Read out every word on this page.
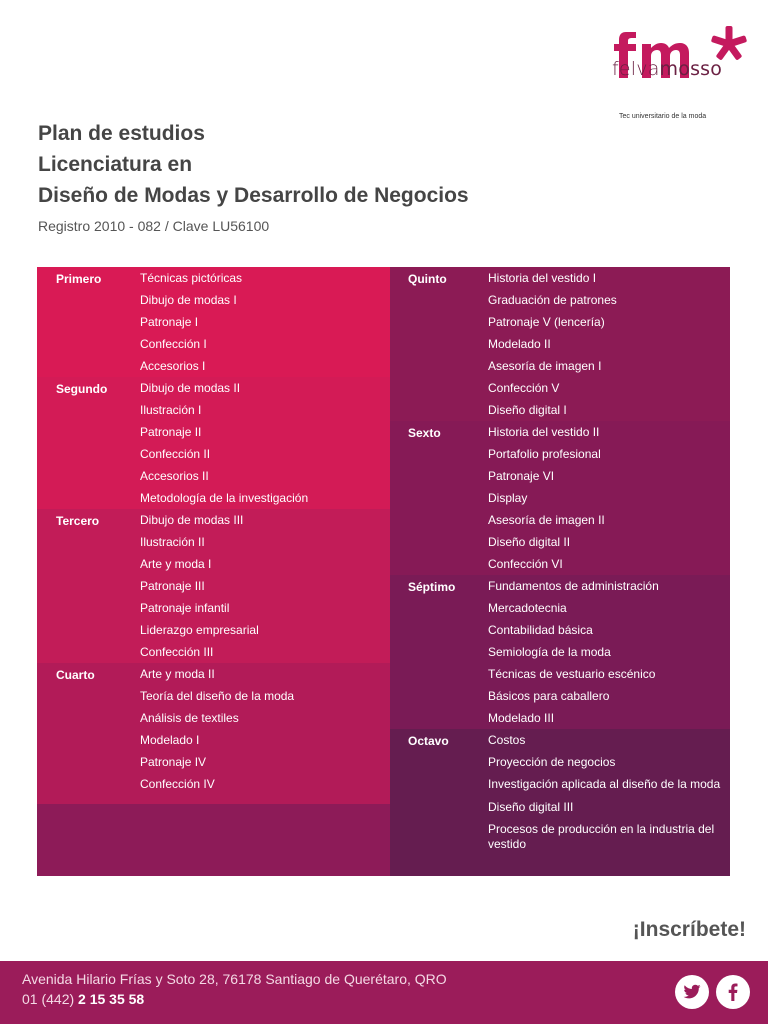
felvamosso
Tec universitario de la moda
Plan de estudios
Licenciatura en
Diseño de Modas y Desarrollo de Negocios
Registro 2010 - 082 / Clave LU56100
Primero	Técnicas pictóricas
Dibujo de modas I
Patronaje I
Confección I
Accesorios I
Segundo	Dibujo de modas II
Ilustración I
Patronaje II
Confección II
Accesorios II
Metodología de la investigación
Tercero	Dibujo de modas III
Ilustración II
Arte y moda I
Patronaje III
Patronaje infantil
Liderazgo empresarial
Confección III
Cuarto	Arte y moda II
Teoría del diseño de la moda
Análisis de textiles
Modelado I
Patronaje IV
Confección IV
Quinto	Historia del vestido I
Graduación de patrones
Patronaje V (lencería)
Modelado II
Asesoría de imagen I
Confección V
Diseño digital I
Sexto	Historia del vestido II
Portafolio profesional
Patronaje VI
Display
Asesoría de imagen II
Diseño digital II
Confección VI
Séptimo	Fundamentos de administración
Mercadotecnia
Contabilidad básica
Semiología de la moda
Técnicas de vestuario escénico
Básicos para caballero
Modelado III
Octavo	Costos
Proyección de negocios
Investigación aplicada al diseño de la moda
Diseño digital III
Procesos de producción en la industria del vestido
¡Inscríbete!
Avenida Hilario Frías y Soto 28, 76178 Santiago de Querétaro, QRO
01 (442) 2 15 35 58
